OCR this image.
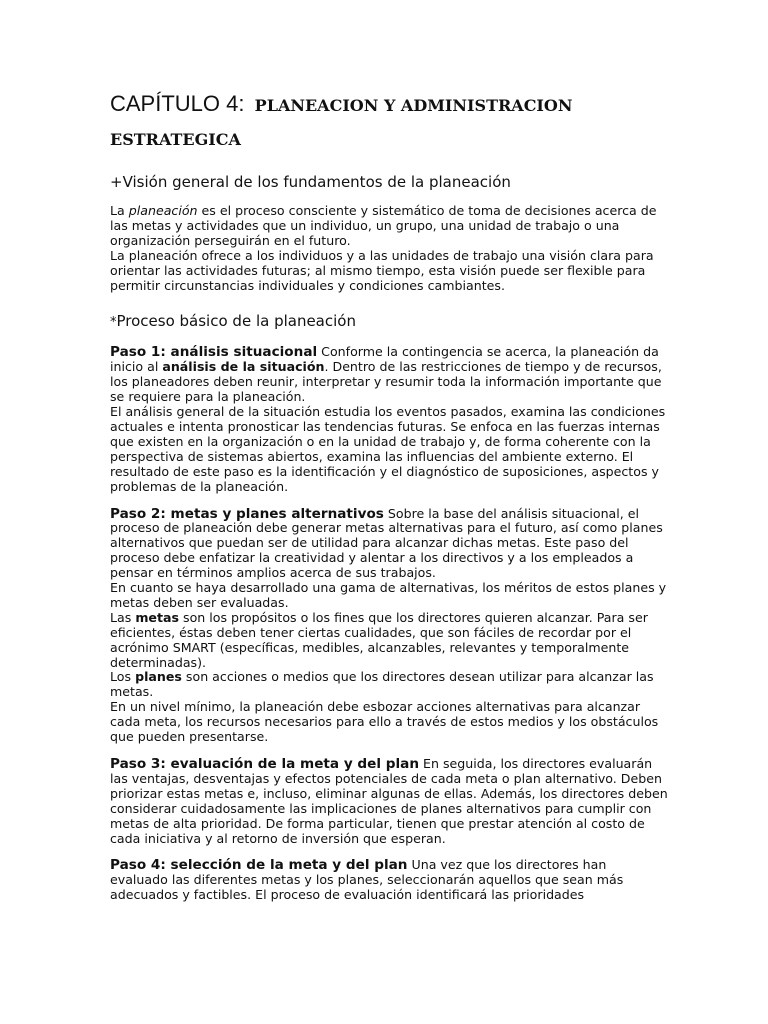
CAPÍTULO 4: PLANEACION Y ADMINISTRACION
ESTRATEGICA
+Visión general de los fundamentos de la planeación

La planeación es el proceso consciente y sistemático de toma de decisiones acerca de las metas y actividades que un individuo, un grupo, una unidad de trabajo o una organización perseguirán en el futuro.

La planeación ofrece a los individuos y a las unidades de trabajo una visión clara para orientar las actividades futuras; al mismo tiempo, esta visión puede ser flexible para permitir circunstancias individuales y condiciones cambiantes.

*Proceso básico de la planeación

Paso 1: análisis situacional Conforme la contingencia se acerca, la planeación da inicio al análisis de la situación. Dentro de las restricciones de tiempo y de recursos, los planeadores deben reunir, interpretar y resumir toda la información importante que se requiere para la planeación.

El análisis general de la situación estudia los eventos pasados, examina las condiciones actuales e intenta pronosticar las tendencias futuras. Se enfoca en las fuerzas internas que existen en la organización o en la unidad de trabajo y, de forma coherente con la perspectiva de sistemas abiertos, examina las influencias del ambiente externo. El resultado de este paso es la identificación y el diagnóstico de suposiciones, aspectos y problemas de la planeación.

Paso 2: metas y planes alternativos Sobre la base del análisis situacional, el proceso de planeación debe generar metas alternativas para el futuro, así como planes alternativos que puedan ser de utilidad para alcanzar dichas metas. Este paso del proceso debe enfatizar la creatividad y alentar a los directivos y a los empleados a pensar en términos amplios acerca de sus trabajos.

En cuanto se haya desarrollado una gama de alternativas, los méritos de estos planes y metas deben ser evaluadas.

Las metas son los propósitos o los fines que los directores quieren alcanzar. Para ser eficientes, éstas deben tener ciertas cualidades, que son fáciles de recordar por el acrónimo SMART (específicas, medibles, alcanzables, relevantes y temporalmente determinadas).

Los planes son acciones o medios que los directores desean utilizar para alcanzar las metas.

En un nivel mínimo, la planeación debe esbozar acciones alternativas para alcanzar cada meta, los recursos necesarios para ello a través de estos medios y los obstáculos que pueden presentarse.

Paso 3: evaluación de la meta y del plan En seguida, los directores evaluarán las ventajas, desventajas y efectos potenciales de cada meta o plan alternativo. Deben priorizar estas metas e, incluso, eliminar algunas de ellas. Además, los directores deben considerar cuidadosamente las implicaciones de planes alternativos para cumplir con metas de alta prioridad. De forma particular, tienen que prestar atención al costo de cada iniciativa y al retorno de inversión que esperan.

Paso 4: selección de la meta y del plan Una vez que los directores han evaluado las diferentes metas y los planes, seleccionarán aquellos que sean más adecuados y factibles. El proceso de evaluación identificará las prioridades
